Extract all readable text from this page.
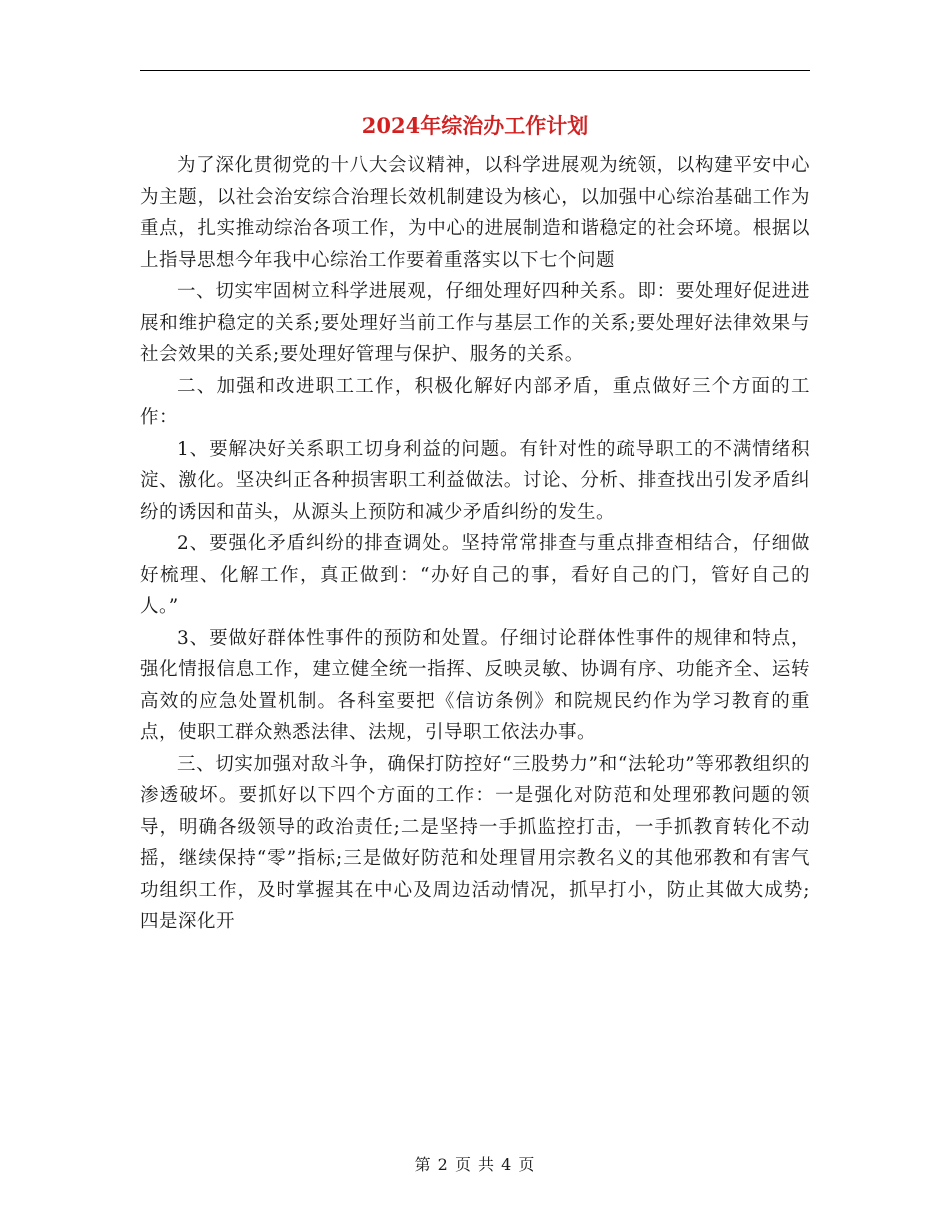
2024年综治办工作计划

为了深化贯彻党的十八大会议精神，以科学进展观为统领，以构建平安中心为主题，以社会治安综合治理长效机制建设为核心，以加强中心综治基础工作为重点，扎实推动综治各项工作，为中心的进展制造和谐稳定的社会环境。根据以上指导思想今年我中心综治工作要着重落实以下七个问题

一、切实牢固树立科学进展观，仔细处理好四种关系。即：要处理好促进进展和维护稳定的关系;要处理好当前工作与基层工作的关系;要处理好法律效果与社会效果的关系;要处理好管理与保护、服务的关系。

二、加强和改进职工工作，积极化解好内部矛盾，重点做好三个方面的工作：

1、要解决好关系职工切身利益的问题。有针对性的疏导职工的不满情绪积淀、激化。坚决纠正各种损害职工利益做法。讨论、分析、排查找出引发矛盾纠纷的诱因和苗头，从源头上预防和减少矛盾纠纷的发生。

2、要强化矛盾纠纷的排查调处。坚持常常排查与重点排查相结合，仔细做好梳理、化解工作，真正做到：“办好自己的事，看好自己的门，管好自己的人。”

3、要做好群体性事件的预防和处置。仔细讨论群体性事件的规律和特点，强化情报信息工作，建立健全统一指挥、反映灵敏、协调有序、功能齐全、运转高效的应急处置机制。各科室要把《信访条例》和院规民约作为学习教育的重点，使职工群众熟悉法律、法规，引导职工依法办事。

三、切实加强对敌斗争，确保打防控好“三股势力”和“法轮功”等邪教组织的渗透破坏。要抓好以下四个方面的工作：一是强化对防范和处理邪教问题的领导，明确各级领导的政治责任;二是坚持一手抓监控打击，一手抓教育转化不动摇，继续保持“零”指标;三是做好防范和处理冒用宗教名义的其他邪教和有害气功组织工作，及时掌握其在中心及周边活动情况，抓早打小，防止其做大成势;四是深化开

第 2 页 共 4 页
